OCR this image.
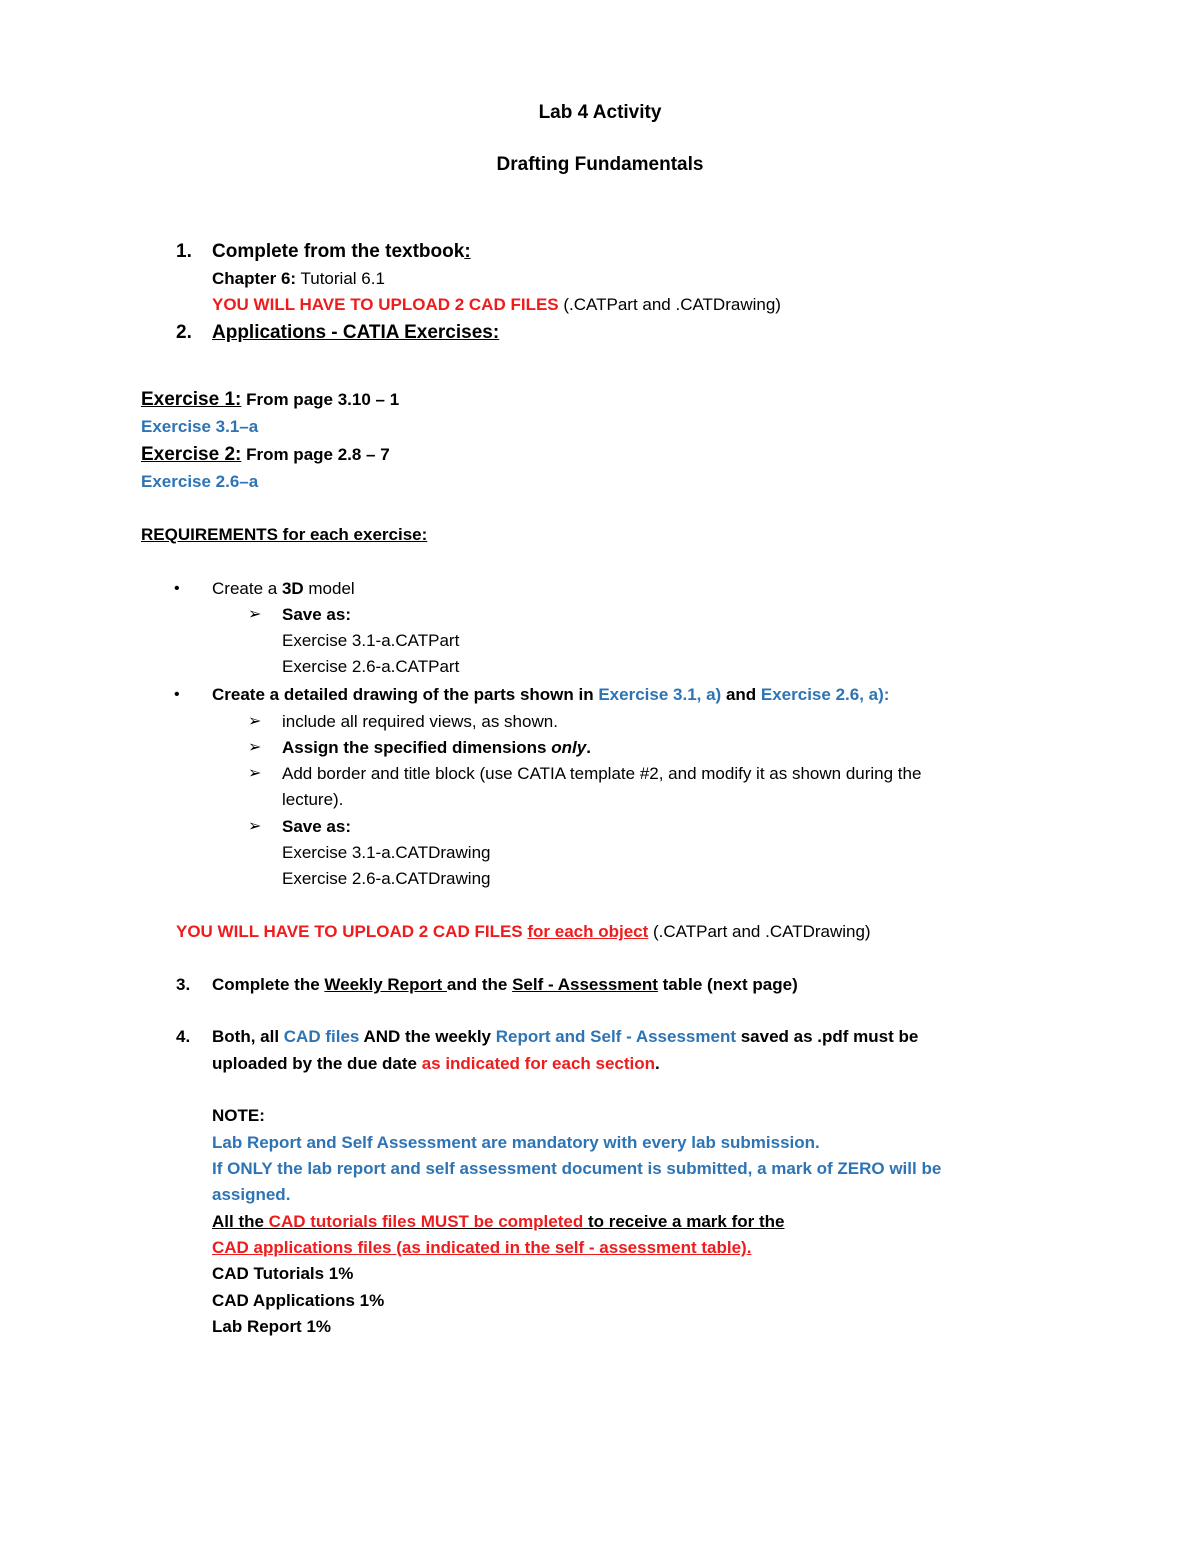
Lab 4 Activity
Drafting Fundamentals
1. Complete from the textbook:
Chapter 6: Tutorial 6.1
YOU WILL HAVE TO UPLOAD 2 CAD FILES (.CATPart and .CATDrawing)
2. Applications - CATIA Exercises:
Exercise 1: From page 3.10 – 1
Exercise 3.1–a
Exercise 2: From page 2.8 – 7
Exercise 2.6–a
REQUIREMENTS for each exercise:
• Create a 3D model
➢ Save as:
Exercise 3.1-a.CATPart
Exercise 2.6-a.CATPart
• Create a detailed drawing of the parts shown in Exercise 3.1, a) and Exercise 2.6, a):
➢ include all required views, as shown.
➢ Assign the specified dimensions only.
➢ Add border and title block (use CATIA template #2, and modify it as shown during the
lecture).
➢ Save as:
Exercise 3.1-a.CATDrawing
Exercise 2.6-a.CATDrawing
YOU WILL HAVE TO UPLOAD 2 CAD FILES for each object (.CATPart and .CATDrawing)
3. Complete the Weekly Report and the Self - Assessment table (next page)
4. Both, all CAD files AND the weekly Report and Self - Assessment saved as .pdf must be
uploaded by the due date as indicated for each section.
NOTE:
Lab Report and Self Assessment are mandatory with every lab submission.
If ONLY the lab report and self assessment document is submitted, a mark of ZERO will be
assigned.
All the CAD tutorials files MUST be completed to receive a mark for the
CAD applications files (as indicated in the self - assessment table).
CAD Tutorials 1%
CAD Applications 1%
Lab Report 1%
